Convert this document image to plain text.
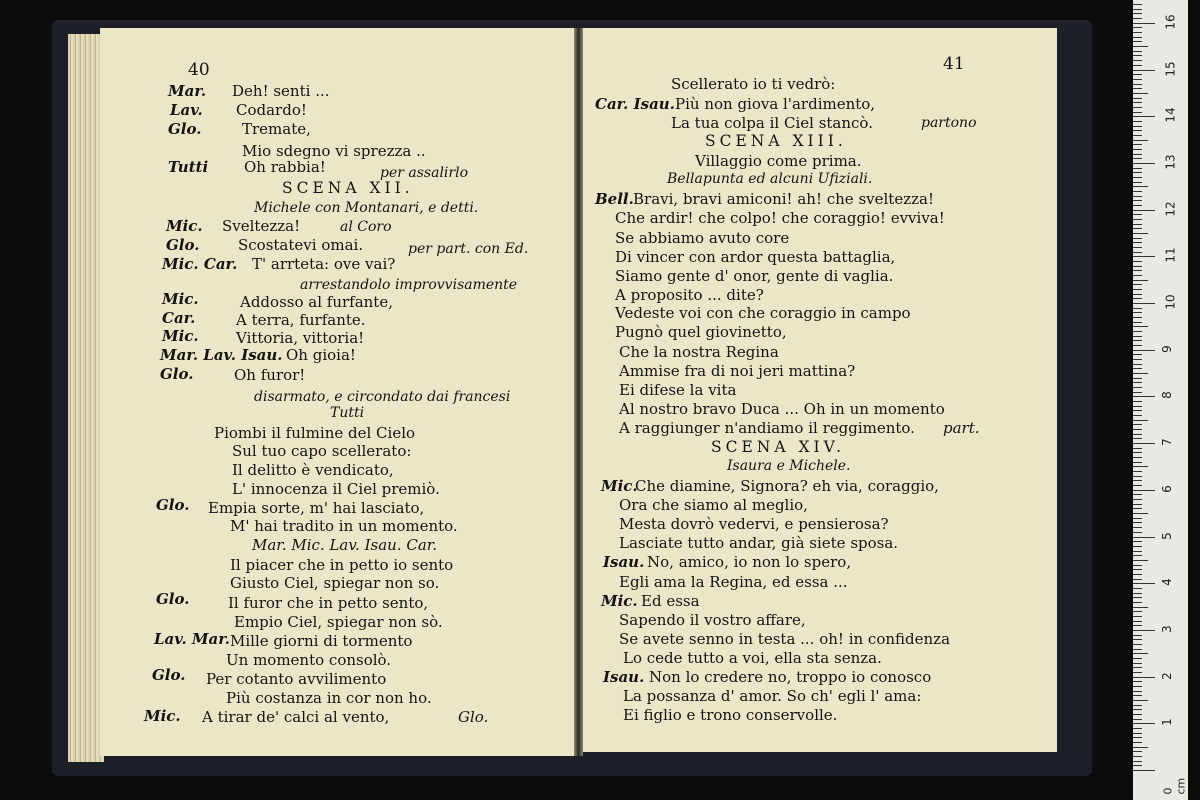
40
Mar. Deh! senti ...
Lav. Codardo!
Glo.	Tremate,
Mio sdegno vi sprezza ..
Tutti Oh rabbia!	per assalirlo
SCENA XII.
Michele con Montanari, e detti.
Mic. Sveltezza!	al Coro
Glo.	Scostatevi omai.	per part. con Ed.
Mic. Car. T' arrteta: ove vai?
arrestandolo improvvisamente
Mic.	Addosso al furfante,
Car.	A terra, furfante.
Mic. Vittoria, vittoria!
Mar. Lav. Isau. Oh gioia!
Glo.	Oh furor!
disarmato, e circondato dai francesi
Tutti
Piombi il fulmine del Cielo
Sul tuo capo scellerato:
Il delitto è vendicato,
L' innocenza il Ciel premiò.
Glo. Empia sorte, m' hai lasciato,
M' hai tradito in un momento.
Mar. Mic. Lav. Isau. Car.
Il piacer che in petto io sento
Giusto Ciel, spiegar non so.
Glo.	Il furor che in petto sento,
Empio Ciel, spiegar non sò.
Lav. Mar. Mille giorni di tormento
Un momento consolò.
Glo. Per cotanto avvilimento
Più costanza in cor non ho.
Mic. A tirar de' calci al vento,	Glo.
41
Scellerato io ti vedrò:
Car. Isau. Più non giova l'ardimento,
La tua colpa il Ciel stancò.	partono
SCENA XIII.
Villaggio come prima.
Bellapunta ed alcuni Ufiziali.
Bell. Bravi, bravi amiconi! ah! che sveltezza!
Che ardir! che colpo! che coraggio! evviva!
Se abbiamo avuto core
Di vincer con ardor questa battaglia,
Siamo gente d' onor, gente di vaglia.
A proposito ... dite?
Vedeste voi con che coraggio in campo
Pugnò quel giovinetto,
Che la nostra Regina
Ammise fra di noi jeri mattina?
Ei difese la vita
Al nostro bravo Duca ... Oh in un momento
A raggiunger n'andiamo il reggimento. part.
SCENA XIV.
Isaura e Michele.
Mic.
Che diamine, Signora? eh via, coraggio,
Ora che siamo al meglio,
Mesta dovrò vedervi, e pensierosa?
Lasciate tutto andar, già siete sposa.
Isau. No, amico, io non lo spero,
Egli ama la Regina, ed essa ...
Mic. Ed essa
Sapendo il vostro affare,
Se avete senno in testa ... oh! in confidenza
Lo cede tutto a voi, ella sta senza.
Isau. Non lo credere no, troppo io conosco
La possanza d' amor. So ch' egli l' ama:
Ei figlio e trono conservolle.
0 cm
1
2
3
4
5
6
7
8
9
10
11
12
13
14
15
16
